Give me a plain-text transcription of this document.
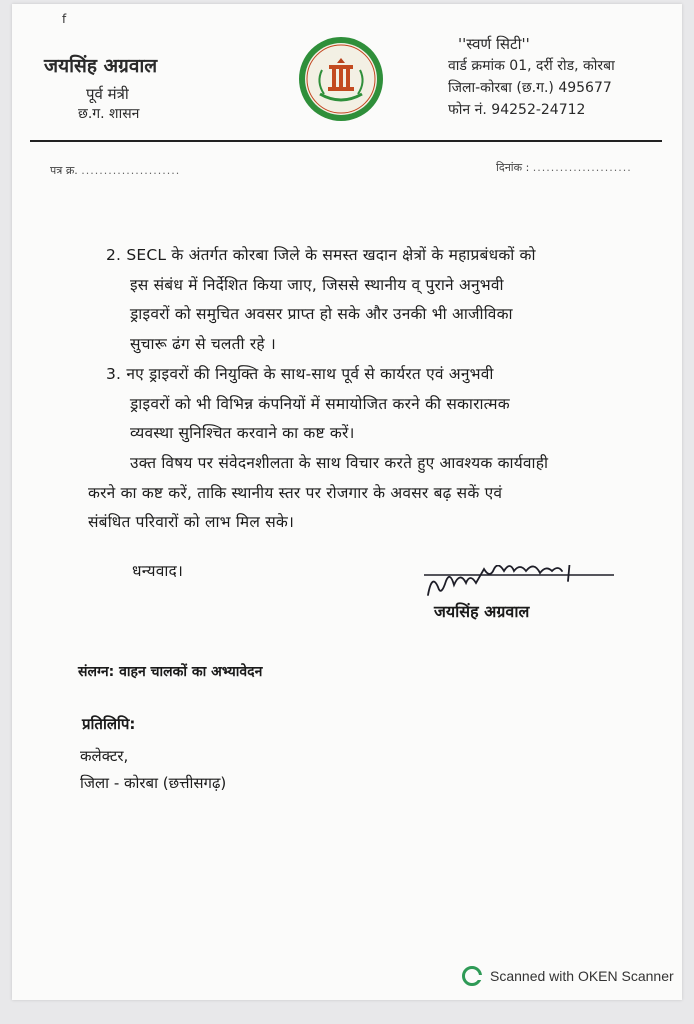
f
जयसिंह अग्रवाल
पूर्व मंत्री
छ.ग. शासन
''स्वर्ण सिटी''
वार्ड क्रमांक 01, दर्री रोड, कोरबा
जिला-कोरबा (छ.ग.) 495677
फोन नं. 94252-24712
पत्र क्र. ......................	दिनांक : ......................
2. SECL के अंतर्गत कोरबा जिले के समस्त खदान क्षेत्रों के महाप्रबंधकों को
इस संबंध में निर्देशित किया जाए, जिससे स्थानीय व् पुराने अनुभवी
ड्राइवरों को समुचित अवसर प्राप्त हो सके और उनकी भी आजीविका
सुचारू ढंग से चलती रहे ।
3. नए ड्राइवरों की नियुक्ति के साथ-साथ पूर्व से कार्यरत एवं अनुभवी
ड्राइवरों को भी विभिन्न कंपनियों में समायोजित करने की सकारात्मक
व्यवस्था सुनिश्चित करवाने का कष्ट करें।
उक्त विषय पर संवेदनशीलता के साथ विचार करते हुए आवश्यक कार्यवाही
करने का कष्ट करें, ताकि स्थानीय स्तर पर रोजगार के अवसर बढ़ सकें एवं
संबंधित परिवारों को लाभ मिल सके।
धन्यवाद।
जयसिंह अग्रवाल
संलग्न: वाहन चालकों का अभ्यावेदन
प्रतिलिपि:
कलेक्टर,
जिला - कोरबा (छत्तीसगढ़)
Scanned with OKEN Scanner
